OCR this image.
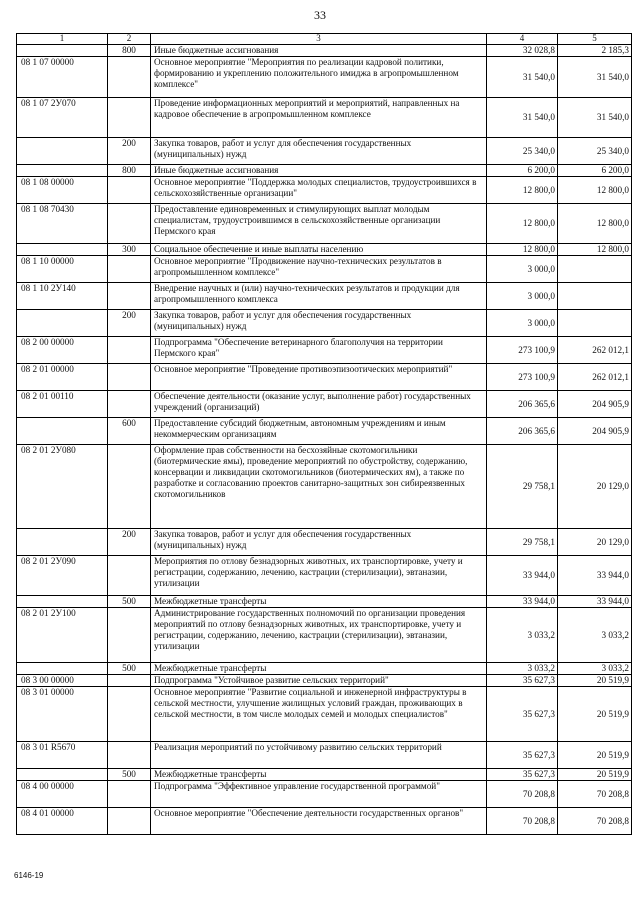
33
1	2	3	4	5
	800	Иные бюджетные ассигнования	32 028,8	2 185,3
08 1 07 00000		Основное мероприятие "Мероприятия по реализации кадровой политики, формированию и укреплению положительного имиджа в агропромышленном комплексе"	31 540,0	31 540,0
08 1 07 2У070		Проведение информационных мероприятий и мероприятий, направленных на кадровое обеспечение в агропромышленном комплексе	31 540,0	31 540,0
	200	Закупка товаров, работ и услуг для обеспечения государственных (муниципальных) нужд	25 340,0	25 340,0
	800	Иные бюджетные ассигнования	6 200,0	6 200,0
08 1 08 00000		Основное мероприятие "Поддержка молодых специалистов, трудоустроившихся в сельскохозяйственные организации"	12 800,0	12 800,0
08 1 08 70430		Предоставление единовременных и стимулирующих выплат молодым специалистам, трудоустроившимся в сельскохозяйственные организации Пермского края	12 800,0	12 800,0
	300	Социальное обеспечение и иные выплаты населению	12 800,0	12 800,0
08 1 10 00000		Основное мероприятие "Продвижение научно-технических результатов в агропромышленном комплексе"	3 000,0	
08 1 10 2У140		Внедрение научных и (или) научно-технических результатов и продукции для агропромышленного комплекса	3 000,0	
	200	Закупка товаров, работ и услуг для обеспечения государственных (муниципальных) нужд	3 000,0	
08 2 00 00000		Подпрограмма "Обеспечение ветеринарного благополучия на территории Пермского края"	273 100,9	262 012,1
08 2 01 00000		Основное мероприятие "Проведение противоэпизоотических мероприятий"	273 100,9	262 012,1
08 2 01 00110		Обеспечение деятельности (оказание услуг, выполнение работ) государственных учреждений (организаций)	206 365,6	204 905,9
	600	Предоставление субсидий бюджетным, автономным учреждениям и иным некоммерческим организациям	206 365,6	204 905,9
08 2 01 2У080		Оформление прав собственности на бесхозяйные скотомогильники (биотермические ямы), проведение мероприятий по обустройству, содержанию, консервации и ликвидации скотомогильников (биотермических ям), а также по разработке и согласованию проектов санитарно-защитных зон сибиреязвенных скотомогильников	29 758,1	20 129,0
	200	Закупка товаров, работ и услуг для обеспечения государственных (муниципальных) нужд	29 758,1	20 129,0
08 2 01 2У090		Мероприятия по отлову безнадзорных животных, их транспортировке, учету и регистрации, содержанию, лечению, кастрации (стерилизации), эвтаназии, утилизации	33 944,0	33 944,0
	500	Межбюджетные трансферты	33 944,0	33 944,0
08 2 01 2У100		Администрирование государственных полномочий по организации проведения мероприятий по отлову безнадзорных животных, их транспортировке, учету и регистрации, содержанию, лечению, кастрации (стерилизации), эвтаназии, утилизации	3 033,2	3 033,2
	500	Межбюджетные трансферты	3 033,2	3 033,2
08 3 00 00000		Подпрограмма "Устойчивое развитие сельских территорий"	35 627,3	20 519,9
08 3 01 00000		Основное мероприятие "Развитие социальной и инженерной инфраструктуры в сельской местности, улучшение жилищных условий граждан, проживающих в сельской местности, в том числе молодых семей и молодых специалистов"	35 627,3	20 519,9
08 3 01 R5670		Реализация мероприятий по устойчивому развитию сельских территорий	35 627,3	20 519,9
	500	Межбюджетные трансферты	35 627,3	20 519,9
08 4 00 00000		Подпрограмма "Эффективное управление государственной программой"	70 208,8	70 208,8
08 4 01 00000		Основное мероприятие "Обеспечение деятельности государственных органов"	70 208,8	70 208,8
6146-19
